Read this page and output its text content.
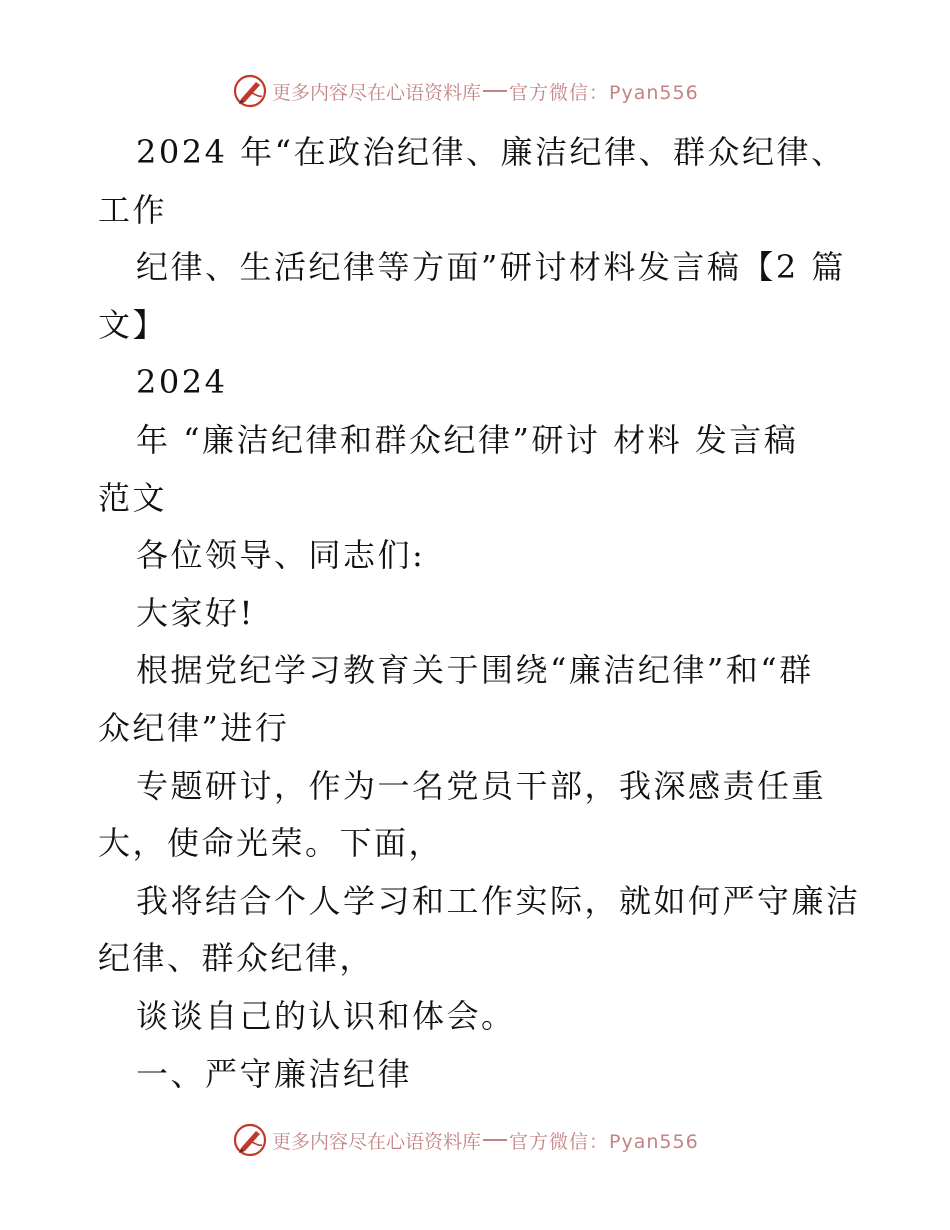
更多内容尽在心语资料库 官方微信：Pyan556
2024 年“在政治纪律、廉洁纪律、群众纪律、
工作
纪律、生活纪律等方面”研讨材料发言稿【2 篇
文】
2024
年 “廉洁纪律和群众纪律”研讨 材料 发言稿
范文
各位领导、同志们:
大家好!
根据党纪学习教育关于围绕“廉洁纪律”和“群
众纪律”进行
专题研讨，作为一名党员干部，我深感责任重
大，使命光荣。下面，
我将结合个人学习和工作实际，就如何严守廉洁
纪律、群众纪律，
谈谈自己的认识和体会。
一、严守廉洁纪律
更多内容尽在心语资料库 官方微信：Pyan556
